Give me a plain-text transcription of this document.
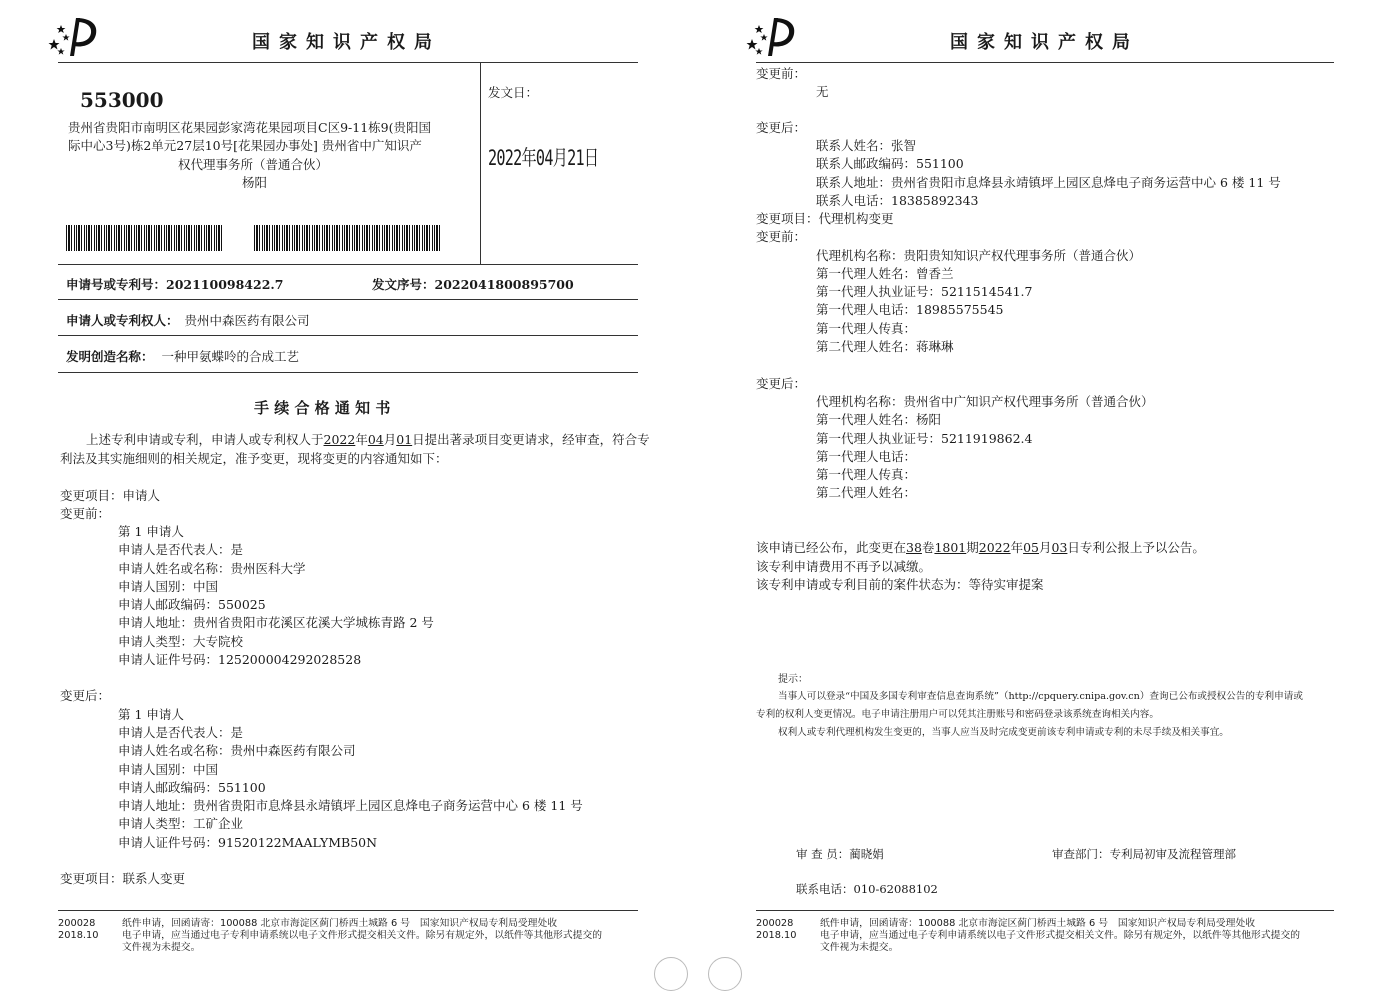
国家知识产权局
553000
贵州省贵阳市南明区花果园彭家湾花果园项目C区9-11栋9(贵阳国
际中心3号)栋2单元27层10号[花果园办事处] 贵州省中广知识产
权代理事务所（普通合伙）
杨阳
发文日：
2022年04月21日
申请号或专利号：202110098422.7	发文序号：2022041800895700
申请人或专利权人： 贵州中森医药有限公司
发明创造名称： 一种甲氨蝶呤的合成工艺
手 续 合 格 通 知 书
上述专利申请或专利，申请人或专利权人于2022年04月01日提出著录项目变更请求，经审查，符合专
利法及其实施细则的相关规定，准予变更，现将变更的内容通知如下：
变更项目：申请人
变更前：
第 1 申请人
申请人是否代表人：是
申请人姓名或名称：贵州医科大学
申请人国别：中国
申请人邮政编码：550025
申请人地址：贵州省贵阳市花溪区花溪大学城栋青路 2 号
申请人类型：大专院校
申请人证件号码：12520000429202852​8
变更后：
第 1 申请人
申请人是否代表人：是
申请人姓名或名称：贵州中森医药有限公司
申请人国别：中国
申请人邮政编码：551100
申请人地址：贵州省贵阳市息烽县永靖镇坪上园区息烽电子商务运营中心 6 楼 11 号
申请人类型：工矿企业
申请人证件号码：91520122MAALYMB50N
变更项目：联系人变更
200028
2018.10
纸件申请，回函请寄：100088 北京市海淀区蓟门桥西土城路 6 号　国家知识产权局专利局受理处收
电子申请，应当通过电子专利申请系统以电子文件形式提交相关文件。除另有规定外，以纸件等其他形式提交的
文件视为未提交。
国家知识产权局
变更前：
无
变更后：
联系人姓名：张智
联系人邮政编码：551100
联系人地址：贵州省贵阳市息烽县永靖镇坪上园区息烽电子商务运营中心 6 楼 11 号
联系人电话：18385892343
变更项目：代理机构变更
变更前：
代理机构名称：贵阳贵知知识产权代理事务所（普通合伙）
第一代理人姓名：曾香兰
第一代理人执业证号：5211514541.7
第一代理人电话：18985575545
第一代理人传真：
第二代理人姓名：蒋琳琳
变更后：
代理机构名称：贵州省中广知识产权代理事务所（普通合伙）
第一代理人姓名：杨阳
第一代理人执业证号：5211919862.4
第一代理人电话：
第一代理人传真：
第二代理人姓名：
该申请已经公布，此变更在38卷1801期2022年05月03日专利公报上予以公告。
该专利申请费用不再予以减缴。
该专利申请或专利目前的案件状态为：等待实审提案
提示：
当事人可以登录“中国及多国专利审查信息查询系统”（http://cpquery.cnipa.gov.cn）查询已公布或授权公告的专利申请或
专利的权利人变更情况。电子申请注册用户可以凭其注册账号和密码登录该系统查询相关内容。
权利人或专利代理机构发生变更的，当事人应当及时完成变更前该专利申请或专利的未尽手续及相关事宜。
审 查 员：蔺晓娟	审查部门：专利局初审及流程管理部
联系电话：010-62088102
200028
2018.10
纸件申请，回函请寄：100088 北京市海淀区蓟门桥西土城路 6 号　国家知识产权局专利局受理处收
电子申请，应当通过电子专利申请系统以电子文件形式提交相关文件。除另有规定外，以纸件等其他形式提交的
文件视为未提交。
